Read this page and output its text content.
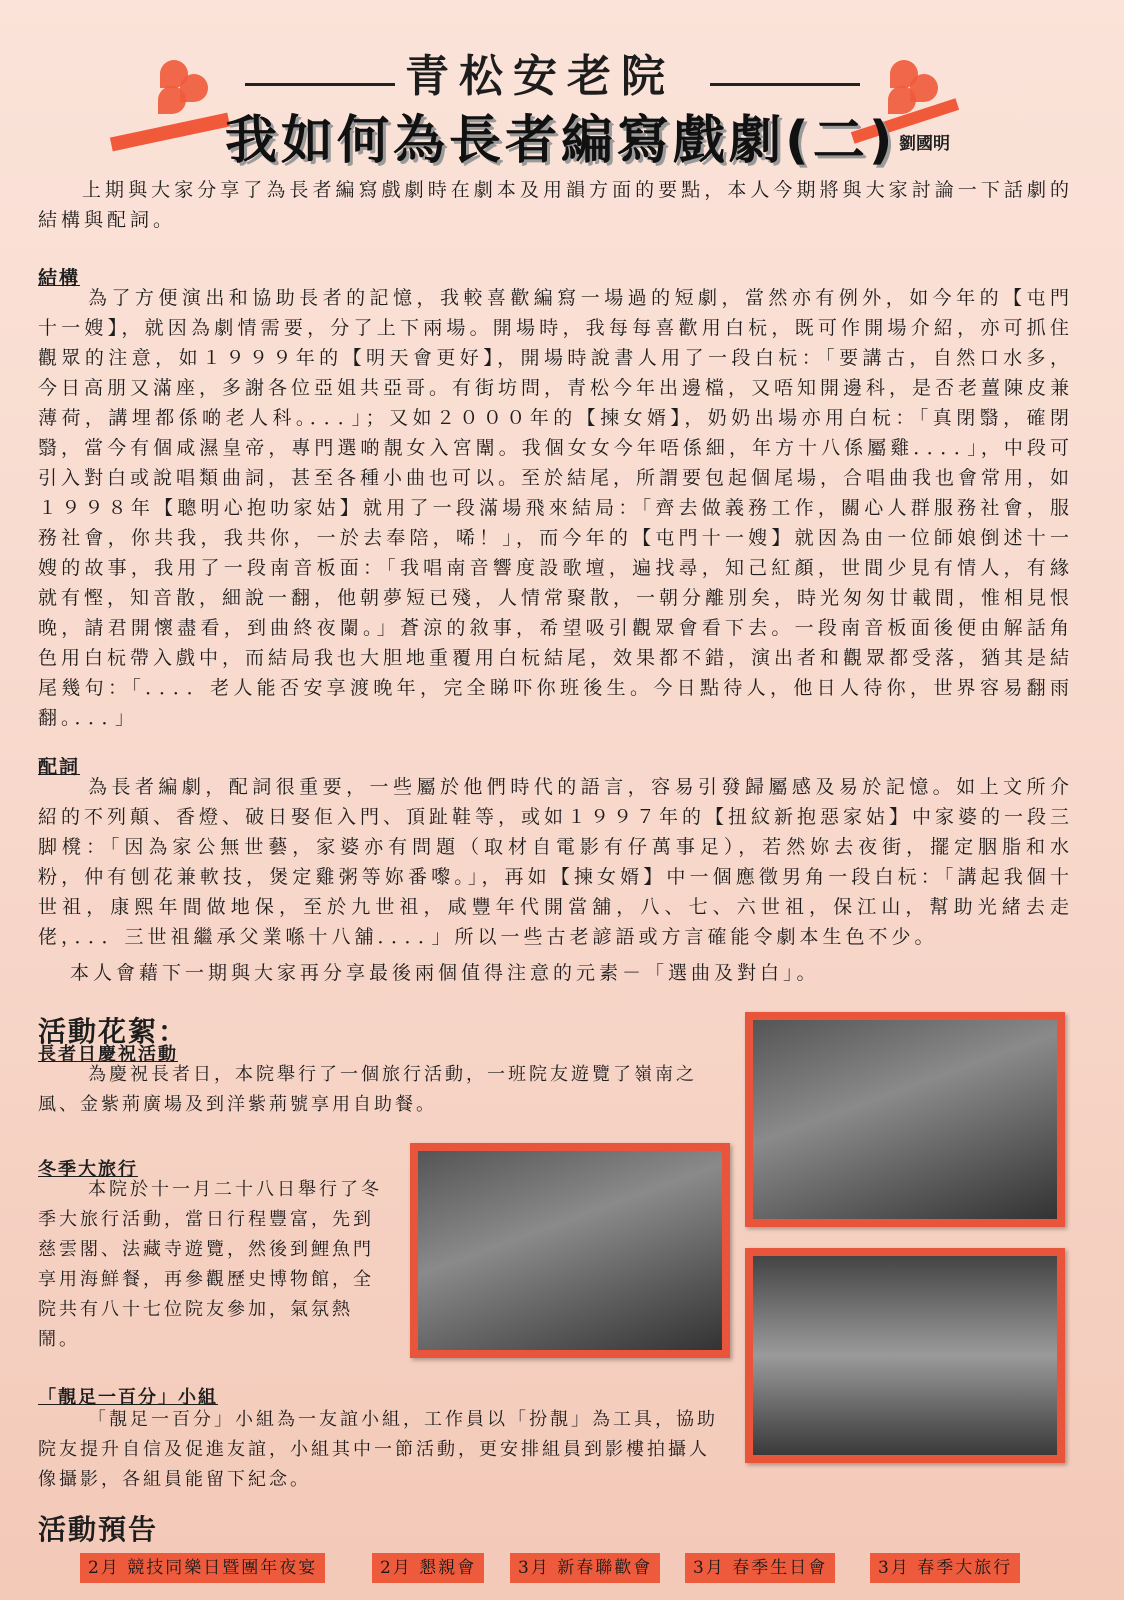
青松安老院
我如何為長者編寫戲劇(二) 劉國明
上期與大家分享了為長者編寫戲劇時在劇本及用韻方面的要點，本人今期將與大家討論一下話劇的結構與配詞。
結構
為了方便演出和協助長者的記憶，我較喜歡編寫一場過的短劇，當然亦有例外，如今年的【屯門十一嫂】，就因為劇情需要，分了上下兩場。開場時，我每每喜歡用白杬，既可作開場介紹，亦可抓住觀眾的注意，如１９９９年的【明天會更好】，開場時說書人用了一段白杬：「要講古，自然口水多，今日高朋又滿座，多謝各位亞姐共亞哥。有街坊問，青松今年出邊檔，又唔知開邊科，是否老薑陳皮兼薄荷，講埋都係啲老人科。．．．」；又如２０００年的【揀女婿】，奶奶出場亦用白杬：「真閉翳，確閉翳，當今有個咸濕皇帝，專門選啲靚女入宮闈。我個女女今年唔係細，年方十八係屬雞．．．．」，中段可引入對白或說唱類曲詞，甚至各種小曲也可以。至於結尾，所謂要包起個尾場，合唱曲我也會常用，如１９９８年【聰明心抱叻家姑】就用了一段滿場飛來結局：「齊去做義務工作，關心人群服務社會，服務社會，你共我，我共你，一於去奉陪，唏！」，而今年的【屯門十一嫂】就因為由一位師娘倒述十一嫂的故事，我用了一段南音板面：「我唱南音響度設歌壇，遍找尋，知己紅顏，世間少見有情人，有緣就有慳，知音散，細說一翻，他朝夢短已殘，人情常聚散，一朝分離別矣，時光匆匆廿載間，惟相見恨晚，請君開懷盡看，到曲終夜闌。」蒼涼的敘事，希望吸引觀眾會看下去。一段南音板面後便由解話角色用白杬帶入戲中，而結局我也大胆地重覆用白杬結尾，效果都不錯，演出者和觀眾都受落，猶其是結尾幾句：「．．．．老人能否安享渡晚年，完全睇吓你班後生。今日點待人，他日人待你，世界容易翻雨翻。．．．」
配詞
為長者編劇，配詞很重要，一些屬於他們時代的語言，容易引發歸屬感及易於記憶。如上文所介紹的不列顛、香燈、破日娶佢入門、頂趾鞋等，或如１９９７年的【扭紋新抱惡家姑】中家婆的一段三脚櫈：「因為家公無世藝，家婆亦有問題（取材自電影有仔萬事足），若然妳去夜街，擺定胭脂和水粉，仲有刨花兼軟技，煲定雞粥等妳番嚟。」，再如【揀女婿】中一個應徵男角一段白杬：「講起我個十世祖，康熙年間做地保，至於九世祖，咸豐年代開當舖，八、七、六世祖，保江山，幫助光緒去走佬，．．．三世祖繼承父業喺十八舖．．．．」所以一些古老諺語或方言確能令劇本生色不少。
本人會藉下一期與大家再分享最後兩個值得注意的元素－「選曲及對白」。
活動花絮：
長者日慶祝活動
為慶祝長者日，本院舉行了一個旅行活動，一班院友遊覽了嶺南之風、金紫荊廣場及到洋紫荊號享用自助餐。
冬季大旅行
本院於十一月二十八日舉行了冬季大旅行活動，當日行程豐富，先到慈雲閣、法藏寺遊覽，然後到鯉魚門享用海鮮餐，再參觀歷史博物館，全院共有八十七位院友參加，氣氛熱鬧。
「靚足一百分」小組
「靚足一百分」小組為一友誼小組，工作員以「扮靚」為工具，協助院友提升自信及促進友誼，小組其中一節活動，更安排組員到影樓拍攝人像攝影，各組員能留下紀念。
活動預告
2月 競技同樂日暨團年夜宴	2月 懇親會	3月 新春聯歡會	3月 春季生日會	3月 春季大旅行
